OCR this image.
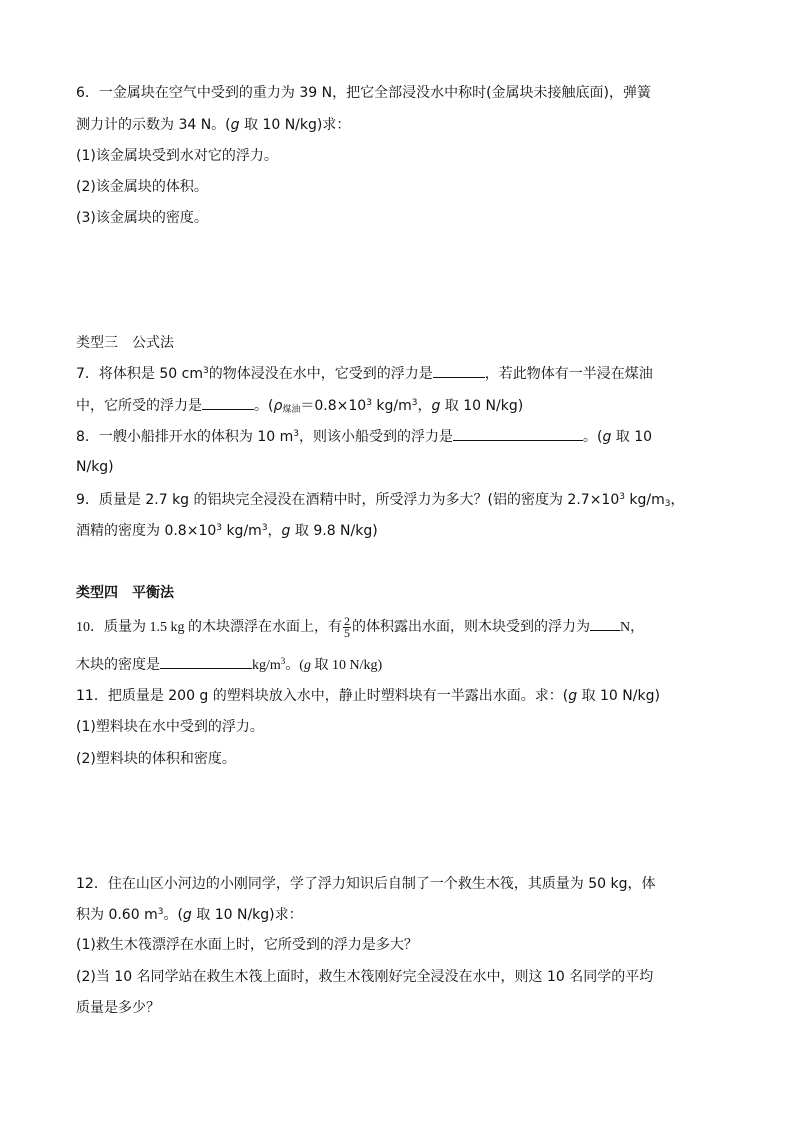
6．一金属块在空气中受到的重力为 39 N，把它全部浸没水中称时(金属块未接触底面)，弹簧
测力计的示数为 34 N。(g 取 10 N/kg)求：
(1)该金属块受到水对它的浮力。
(2)该金属块的体积。
(3)该金属块的密度。
类型三　公式法
7．将体积是 50 $cm^3$的物体浸没在水中，它受到的浮力是	，若此物体有一半浸在煤油
中，它所受的浮力是	。($\rho_{煤油}=0.8\times 10^3$ $kg/m^3$，g 取 10 N/kg)
8．一艘小船排开水的体积为 10 $m^3$，则该小船受到的浮力是	。(g 取 10
N/kg)
9．质量是 2.7 kg 的铝块完全浸没在酒精中时，所受浮力为多大？(铝的密度为 $2.7\times 10^3$ $kg/m_3$，
酒精的密度为 $0.8\times 10^3$ $kg/m^3$，g 取 9.8 N/kg)
类型四　平衡法
10．质量为 1.5 kg 的木块漂浮在水面上，有 $\frac{2}{5}$ 的体积露出水面，则木块受到的浮力为 N，
木块的密度是	$kg/m^3$。(g 取 10 N/kg)
11．把质量是 200 g 的塑料块放入水中，静止时塑料块有一半露出水面。求：(g 取 10 N/kg)
(1)塑料块在水中受到的浮力。
(2)塑料块的体积和密度。
12．住在山区小河边的小刚同学，学了浮力知识后自制了一个救生木筏，其质量为 50 kg，体
积为 0.60 $m^3$。(g 取 10 N/kg)求：
(1)救生木筏漂浮在水面上时，它所受到的浮力是多大？
(2)当 10 名同学站在救生木筏上面时，救生木筏刚好完全浸没在水中，则这 10 名同学的平均
质量是多少？
